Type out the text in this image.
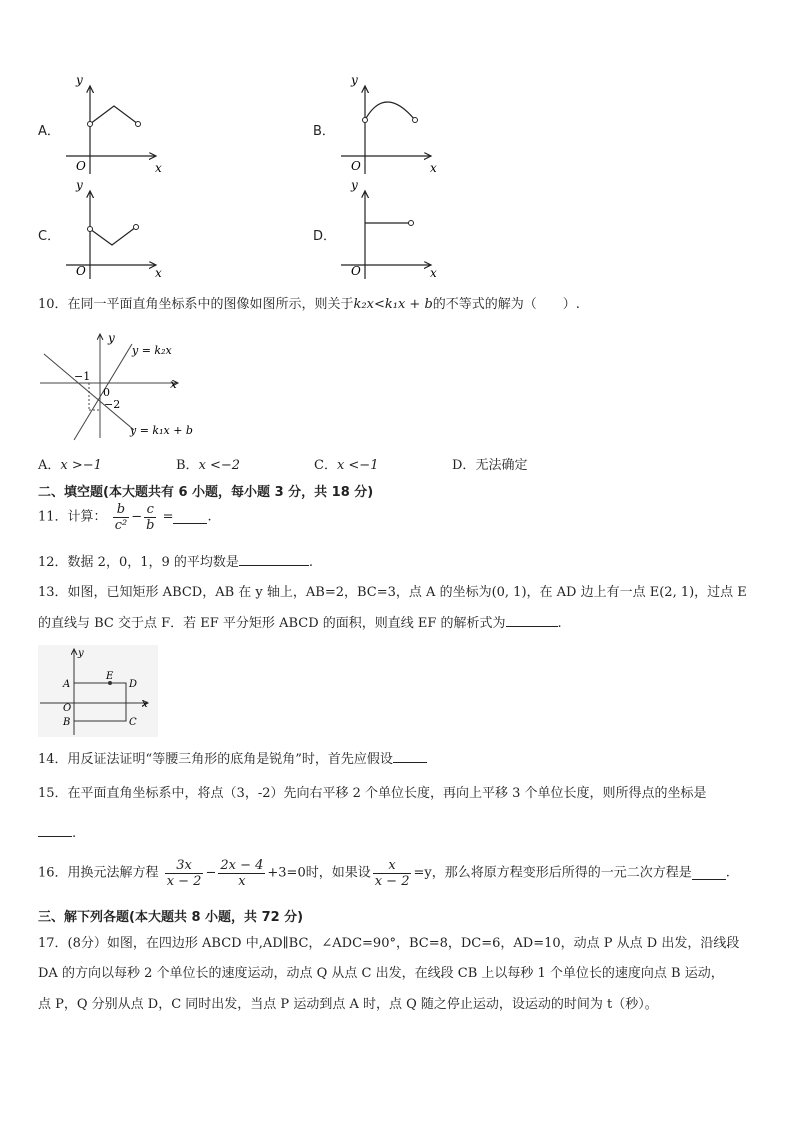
A．
y
O	x
B．
y
O	x
C．
y
O	x
D．
y
O	x
10．在同一平面直角坐标系中的图像如图所示，则关于k₂x<k₁x + b的不等式的解为（　　）.
y
x
0
−1
−2
y = k₂x
y = k₁x + b
A．x >−1	B．x <−2	C．x <−1	D．无法确定
二、填空题(本大题共有 6 小题，每小题 3 分，共 18 分)
11．计算： $\frac{b}{\text{c²}} - \frac{c}{b}$ =	.
12．数据 2，0，1，9 的平均数是	.
13．如图，已知矩形 ABCD，AB 在 y 轴上，AB=2，BC=3，点 A 的坐标为(0, 1)，在 AD 边上有一点 E(2, 1)，过点 E
的直线与 BC 交于点 F．若 EF 平分矩形 ABCD 的面积，则直线 EF 的解析式为	.
y
x
A
B	C
D
E
O
14．用反证法证明“等腰三角形的底角是锐角”时，首先应假设
15．在平面直角坐标系中，将点（3，-2）先向右平移 2 个单位长度，再向上平移 3 个单位长度，则所得点的坐标是
.
16．用换元法解方程 $\frac{3x}{x - 2} - \frac{2x - 4}{x} +3=0$时，如果设 $\frac{x}{x - 2} =y$，那么将原方程变形后所得的一元二次方程是	.
三、解下列各题(本大题共 8 小题，共 72 分)
17．(8分）如图，在四边形 ABCD 中,AD∥BC，∠ADC=90°，BC=8，DC=6，AD=10，动点 P 从点 D 出发，沿线段
DA 的方向以每秒 2 个单位长的速度运动，动点 Q 从点 C 出发，在线段 CB 上以每秒 1 个单位长的速度向点 B 运动，
点 P，Q 分别从点 D，C 同时出发，当点 P 运动到点 A 时，点 Q 随之停止运动，设运动的时间为 t（秒）。
